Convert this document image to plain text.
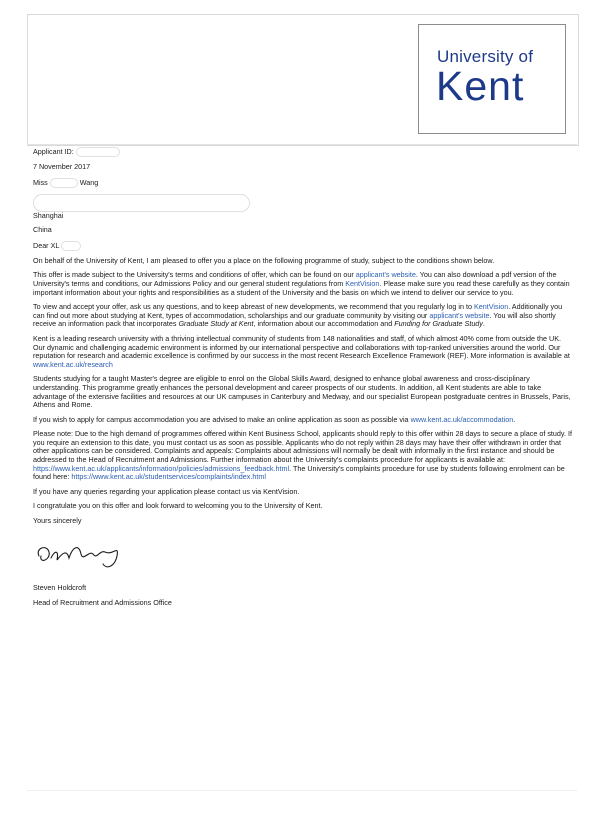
University of
Kent

Applicant ID:

7 November 2017

Miss	Wang

Shanghai

China

Dear XL

On behalf of the University of Kent, I am pleased to offer you a place on the following programme of study, subject to the conditions shown below.

This offer is made subject to the University's terms and conditions of offer, which can be found on our applicant's website. You can also download a pdf version of the University's terms and conditions, our Admissions Policy and our general student regulations from KentVision. Please make sure you read these carefully as they contain important information about your rights and responsibilities as a student of the University and the basis on which we intend to deliver our service to you.

To view and accept your offer, ask us any questions, and to keep abreast of new developments, we recommend that you regularly log in to KentVision. Additionally you can find out more about studying at Kent, types of accommodation, scholarships and our graduate community by visiting our applicant's website. You will also shortly receive an information pack that incorporates Graduate Study at Kent, information about our accommodation and Funding for Graduate Study.

Kent is a leading research university with a thriving intellectual community of students from 148 nationalities and staff, of which almost 40% come from outside the UK. Our dynamic and challenging academic environment is informed by our international perspective and collaborations with top-ranked universities around the world. Our reputation for research and academic excellence is confirmed by our success in the most recent Research Excellence Framework (REF). More information is available at www.kent.ac.uk/research

Students studying for a taught Master's degree are eligible to enrol on the Global Skills Award, designed to enhance global awareness and cross-disciplinary understanding. This programme greatly enhances the personal development and career prospects of our students. In addition, all Kent students are able to take advantage of the extensive facilities and resources at our UK campuses in Canterbury and Medway, and our specialist European postgraduate centres in Brussels, Paris, Athens and Rome.

If you wish to apply for campus accommodation you are advised to make an online application as soon as possible via www.kent.ac.uk/accommodation.

Please note: Due to the high demand of programmes offered within Kent Business School, applicants should reply to this offer within 28 days to secure a place of study. If you require an extension to this date, you must contact us as soon as possible. Applicants who do not reply within 28 days may have their offer withdrawn in order that other applications can be considered. Complaints and appeals: Complaints about admissions will normally be dealt with informally in the first instance and should be addressed to the Head of Recruitment and Admissions. Further information about the University's complaints procedure for applicants is available at: https://www.kent.ac.uk/applicants/information/policies/admissions_feedback.html. The University's complaints procedure for use by students following enrolment can be found here: https://www.kent.ac.uk/studentservices/complaints/index.html

If you have any queries regarding your application please contact us via KentVision.

I congratulate you on this offer and look forward to welcoming you to the University of Kent.

Yours sincerely

Steven Holdcroft

Head of Recruitment and Admissions Office
